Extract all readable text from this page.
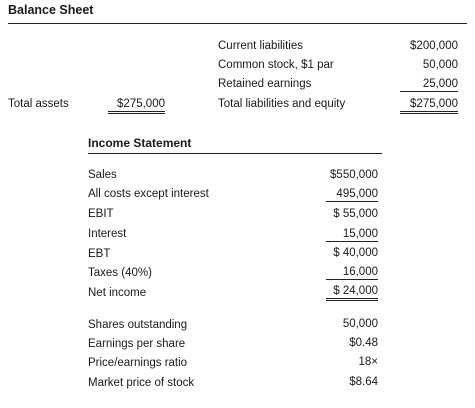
Balance Sheet
Current liabilities	$200,000
Common stock, $1 par	50,000
Retained earnings	25,000
Total assets	$275,000	Total liabilities and equity	$275,000
Income Statement
Sales	$550,000
All costs except interest	495,000
EBIT	$ 55,000
Interest	15,000
EBT	$ 40,000
Taxes (40%)	16,000
Net income	$ 24,000
Shares outstanding	50,000
Earnings per share	$0.48
Price/earnings ratio	18×
Market price of stock	$8.64
